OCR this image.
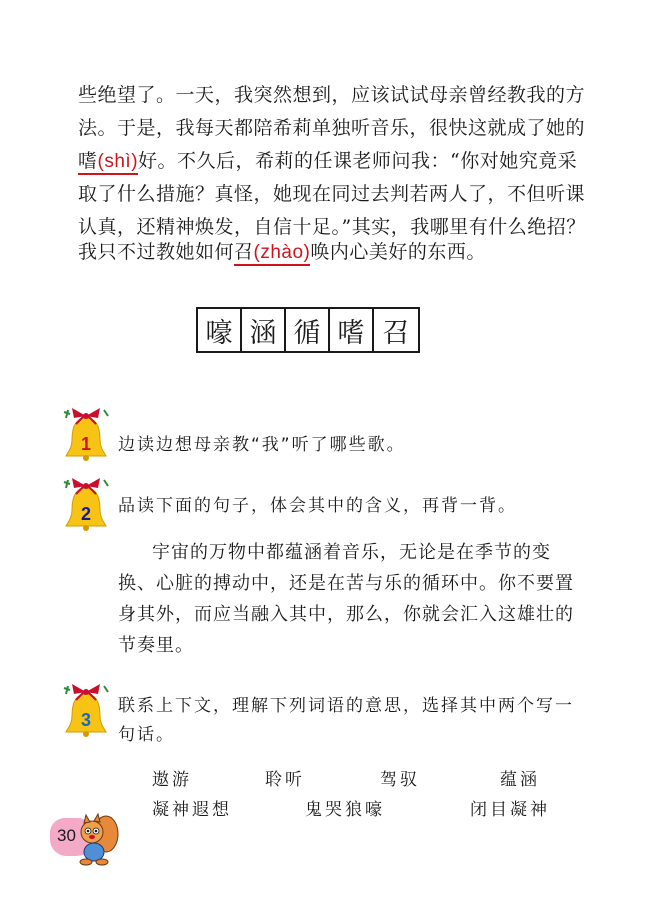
些绝望了。一天，我突然想到，应该试试母亲曾经教我的方
法。于是，我每天都陪希莉单独听音乐，很快这就成了她的
嗜(shì)好。不久后，希莉的任课老师问我：“你对她究竟采
取了什么措施？真怪，她现在同过去判若两人了，不但听课
认真，还精神焕发，自信十足。”其实，我哪里有什么绝招？
我只不过教她如何召(zhào)唤内心美好的东西。
嚎 涵 循 嗜 召
1 边读边想母亲教“我”听了哪些歌。
2 品读下面的句子，体会其中的含义，再背一背。
宇宙的万物中都蕴涵着音乐，无论是在季节的变
换、心脏的搏动中，还是在苦与乐的循环中。你不要置
身其外，而应当融入其中，那么，你就会汇入这雄壮的
节奏里。
3
联系上下文，理解下列词语的意思，选择其中两个写一
句话。
遨游	聆听	驾驭	蕴涵
凝神遐想	鬼哭狼嚎	闭目凝神
30
